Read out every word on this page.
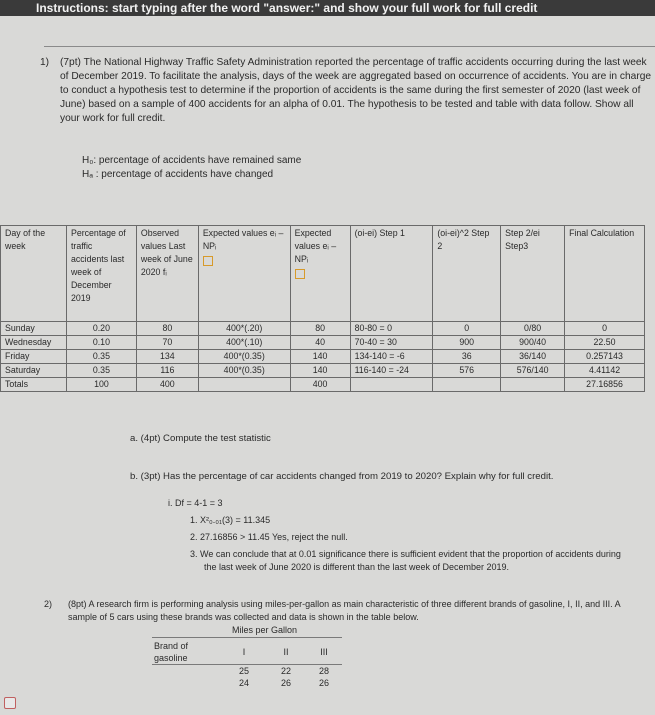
Instructions: start typing after the word "answer:" and show your full work for full credit
1) (7pt) The National Highway Traffic Safety Administration reported the percentage of traffic accidents occurring during the last week of December 2019. To facilitate the analysis, days of the week are aggregated based on occurrence of accidents. You are in charge to conduct a hypothesis test to determine if the proportion of accidents is the same during the first semester of 2020 (last week of June) based on a sample of 400 accidents for an alpha of 0.01. The hypothesis to be tested and table with data follow. Show all your work for full credit.
H₀: percentage of accidents have remained same
Hₐ : percentage of accidents have changed
Day of the week	Percentage of traffic accidents last week of December 2019	Observed values Last week of June 2020 fᵢ	Expected values eᵢ – NPᵢ	Expected values eᵢ – NPᵢ	(oi-ei) Step 1	(oi-ei)^2 Step 2	Step 2/ei Step3	Final Calculation
Sunday	0.20	80	400*(.20)	80	80-80 = 0	0	0/80	0
Wednesday	0.10	70	400*(.10)	40	70-40 = 30	900	900/40	22.50
Friday	0.35	134	400*(0.35)	140	134-140 = -6	36	36/140	0.257143
Saturday	0.35	116	400*(0.35)	140	116-140 = -24	576	576/140	4.41142
Totals	100	400		400				27.16856
a. (4pt) Compute the test statistic
b. (3pt) Has the percentage of car accidents changed from 2019 to 2020? Explain why for full credit.
i. Df = 4-1 = 3
1. X²₀.₀₁(3) = 11.345
2. 27.16856 > 11.45 Yes, reject the null.
3. We can conclude that at 0.01 significance there is sufficient evident that the proportion of accidents during the last week of June 2020 is different than the last week of December 2019.
2) (8pt) A research firm is performing analysis using miles-per-gallon as main characteristic of three different brands of gasoline, I, II, and III. A sample of 5 cars using these brands was collected and data is shown in the table below.
Miles per Gallon
Brand of gasoline	I	II	III
	25	22	28
	24	26	26
